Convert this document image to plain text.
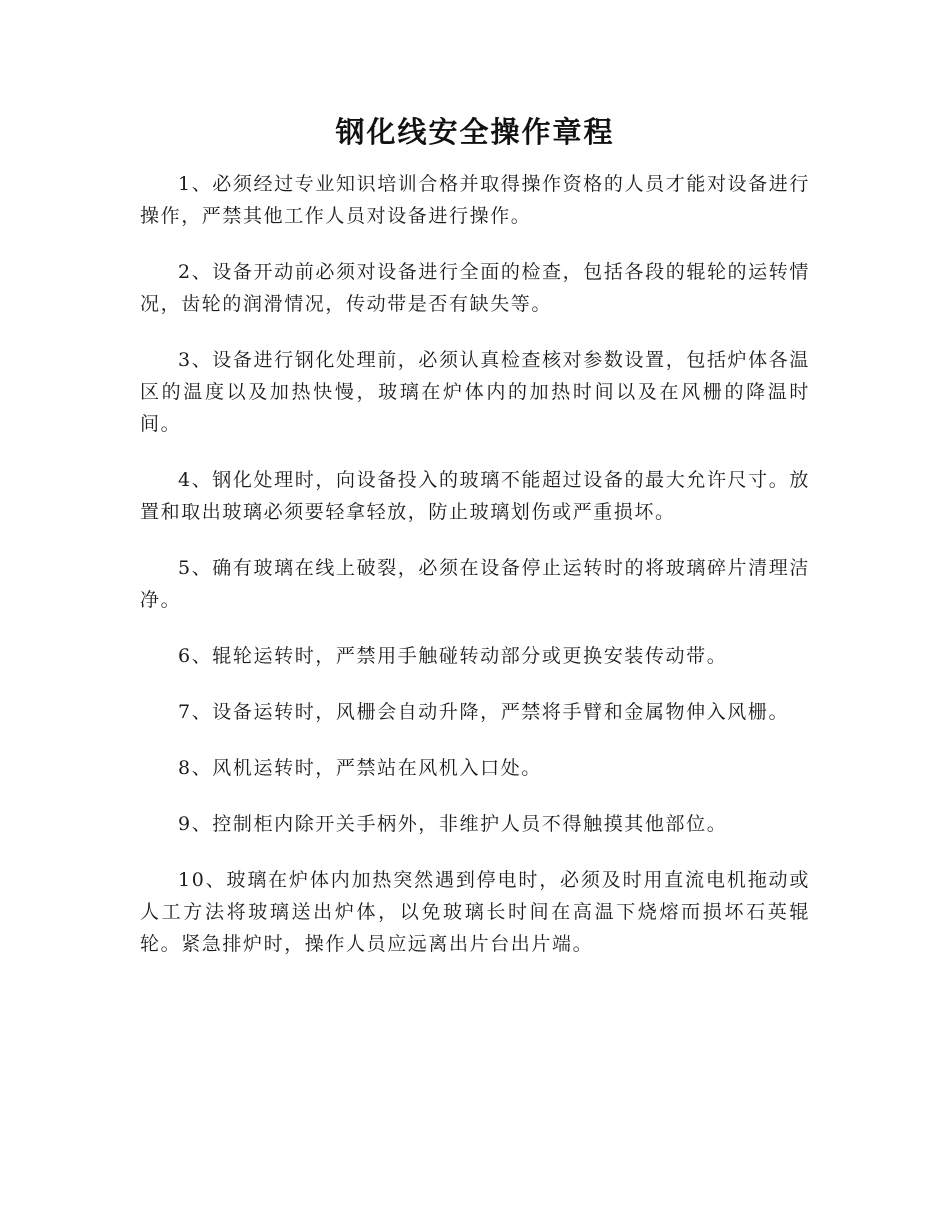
钢化线安全操作章程

1、必须经过专业知识培训合格并取得操作资格的人员才能对设备进行操作，严禁其他工作人员对设备进行操作。

2、设备开动前必须对设备进行全面的检查，包括各段的辊轮的运转情况，齿轮的润滑情况，传动带是否有缺失等。

3、设备进行钢化处理前，必须认真检查核对参数设置，包括炉体各温区的温度以及加热快慢，玻璃在炉体内的加热时间以及在风栅的降温时间。

4、钢化处理时，向设备投入的玻璃不能超过设备的最大允许尺寸。放置和取出玻璃必须要轻拿轻放，防止玻璃划伤或严重损坏。

5、确有玻璃在线上破裂，必须在设备停止运转时的将玻璃碎片清理洁净。

6、辊轮运转时，严禁用手触碰转动部分或更换安装传动带。

7、设备运转时，风栅会自动升降，严禁将手臂和金属物伸入风栅。

8、风机运转时，严禁站在风机入口处。

9、控制柜内除开关手柄外，非维护人员不得触摸其他部位。

10、玻璃在炉体内加热突然遇到停电时，必须及时用直流电机拖动或人工方法将玻璃送出炉体，以免玻璃长时间在高温下烧熔而损坏石英辊轮。紧急排炉时，操作人员应远离出片台出片端。
